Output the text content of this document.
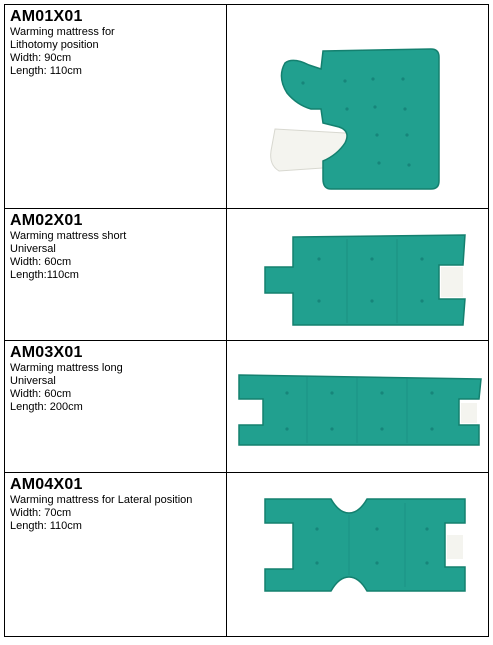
AM01X01
Warming mattress for
Lithotomy position
Width: 90cm
Length: 110cm
AM02X01
Warming mattress short
Universal
Width: 60cm
Length:110cm
AM03X01
Warming mattress long
Universal
Width: 60cm
Length: 200cm
AM04X01
Warming mattress for Lateral position
Width: 70cm
Length: 110cm
